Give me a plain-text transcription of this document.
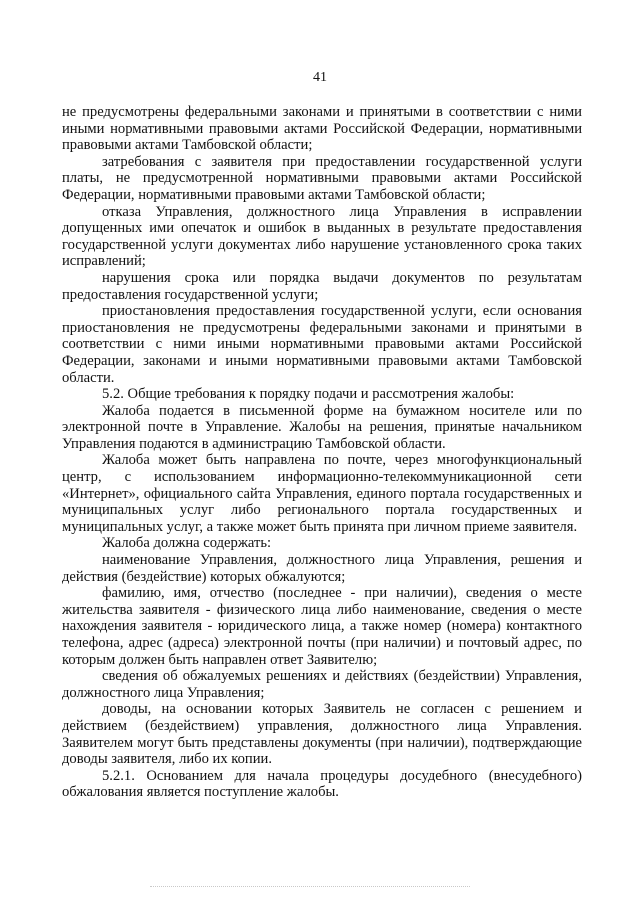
41

не предусмотрены федеральными законами и принятыми в соответствии с ними иными нормативными правовыми актами Российской Федерации, нормативными правовыми актами Тамбовской области;

затребования с заявителя при предоставлении государственной услуги платы, не предусмотренной нормативными правовыми актами Российской Федерации, нормативными правовыми актами Тамбовской области;

отказа Управления, должностного лица Управления в исправлении допущенных ими опечаток и ошибок в выданных в результате предоставления государственной услуги документах либо нарушение установленного срока таких исправлений;

нарушения срока или порядка выдачи документов по результатам предоставления государственной услуги;

приостановления предоставления государственной услуги, если основания приостановления не предусмотрены федеральными законами и принятыми в соответствии с ними иными нормативными правовыми актами Российской Федерации, законами и иными нормативными правовыми актами Тамбовской области.

5.2. Общие требования к порядку подачи и рассмотрения жалобы:

Жалоба подается в письменной форме на бумажном носителе или по электронной почте в Управление. Жалобы на решения, принятые начальником Управления подаются в администрацию Тамбовской области.

Жалоба может быть направлена по почте, через многофункциональный центр, с использованием информационно-телекоммуникационной сети «Интернет», официального сайта Управления, единого портала государственных и муниципальных услуг либо регионального портала государственных и муниципальных услуг, а также может быть принята при личном приеме заявителя.

Жалоба должна содержать:

наименование Управления, должностного лица Управления, решения и действия (бездействие) которых обжалуются;

фамилию, имя, отчество (последнее - при наличии), сведения о месте жительства заявителя - физического лица либо наименование, сведения о месте нахождения заявителя - юридического лица, а также номер (номера) контактного телефона, адрес (адреса) электронной почты (при наличии) и почтовый адрес, по которым должен быть направлен ответ Заявителю;

сведения об обжалуемых решениях и действиях (бездействии) Управления, должностного лица Управления;

доводы, на основании которых Заявитель не согласен с решением и действием (бездействием) управления, должностного лица Управления. Заявителем могут быть представлены документы (при наличии), подтверждающие доводы заявителя, либо их копии.

5.2.1. Основанием для начала процедуры досудебного (внесудебного) обжалования является поступление жалобы.
